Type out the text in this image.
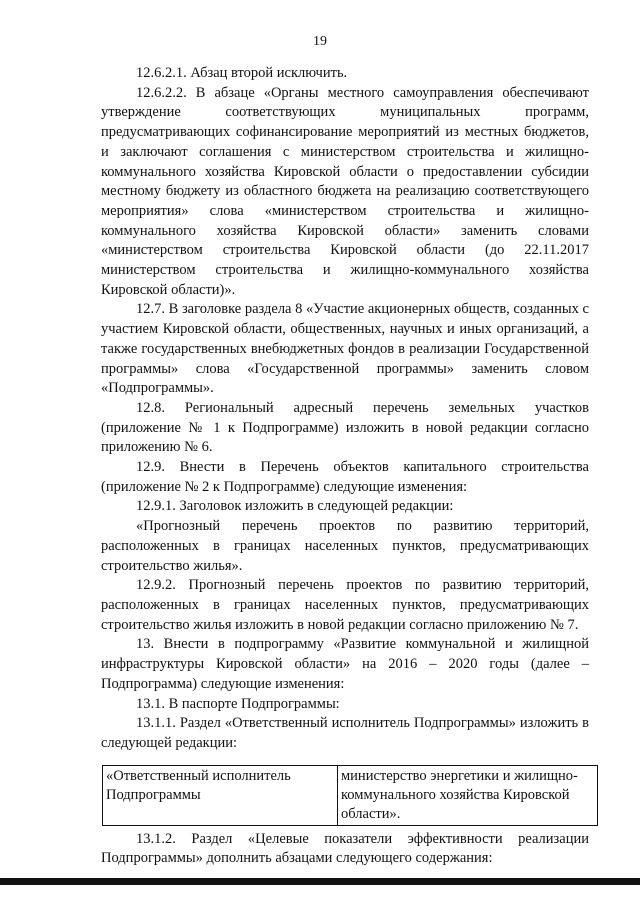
19

12.6.2.1. Абзац второй исключить.

12.6.2.2. В абзаце «Органы местного самоуправления обеспечивают утверждение соответствующих муниципальных программ, предусматривающих софинансирование мероприятий из местных бюджетов, и заключают соглашения с министерством строительства и жилищно-коммунального хозяйства Кировской области о предоставлении субсидии местному бюджету из областного бюджета на реализацию соответствующего мероприятия» слова «министерством строительства и жилищно-коммунального хозяйства Кировской области» заменить словами «министерством строительства Кировской области (до 22.11.2017 министерством строительства и жилищно-коммунального хозяйства Кировской области)».

12.7. В заголовке раздела 8 «Участие акционерных обществ, созданных с участием Кировской области, общественных, научных и иных организаций, а также государственных внебюджетных фондов в реализации Государственной программы» слова «Государственной программы» заменить словом «Подпрограммы».

12.8. Региональный адресный перечень земельных участков (приложение № 1 к Подпрограмме) изложить в новой редакции согласно приложению № 6.

12.9. Внести в Перечень объектов капитального строительства (приложение № 2 к Подпрограмме) следующие изменения:

12.9.1. Заголовок изложить в следующей редакции:

«Прогнозный перечень проектов по развитию территорий, расположенных в границах населенных пунктов, предусматривающих строительство жилья».

12.9.2. Прогнозный перечень проектов по развитию территорий, расположенных в границах населенных пунктов, предусматривающих строительство жилья изложить в новой редакции согласно приложению № 7.

13. Внести в подпрограмму «Развитие коммунальной и жилищной инфраструктуры Кировской области» на 2016 – 2020 годы (далее – Подпрограмма) следующие изменения:

13.1. В паспорте Подпрограммы:

13.1.1. Раздел «Ответственный исполнитель Подпрограммы» изложить в следующей редакции:

«Ответственный исполнитель Подпрограммы	министерство энергетики и жилищно-коммунального хозяйства Кировской области».

13.1.2. Раздел «Целевые показатели эффективности реализации Подпрограммы» дополнить абзацами следующего содержания:
